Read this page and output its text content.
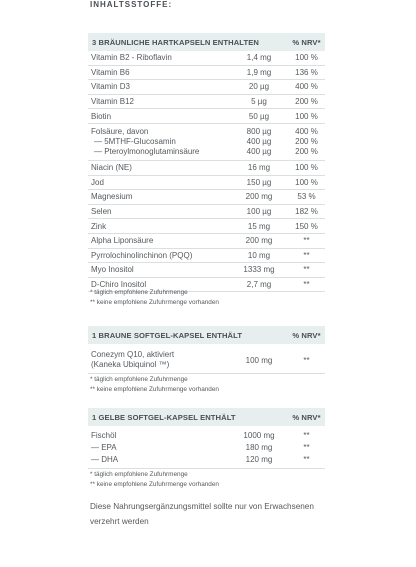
INHALTSSTOFFE:
3 BRÄUNLICHE HARTKAPSELN ENTHALTEN	% NRV*
Vitamin B2 - Riboflavin	1,4 mg	100 %
Vitamin B6	1,9 mg	136 %
Vitamin D3	20 µg	400 %
Vitamin B12	5 µg	200 %
Biotin	50 µg	100 %
Folsäure, davon	800 µg	400 %
— 5MTHF-Glucosamin	400 µg	200 %
— Pteroylmonoglutaminsäure	400 µg	200 %
Niacin (NE)	16 mg	100 %
Jod	150 µg	100 %
Magnesium	200 mg	53 %
Selen	100 µg	182 %
Zink	15 mg	150 %
Alpha Liponsäure	200 mg	**
Pyrrolochinolinchinon (PQQ)	10 mg	**
Myo Inositol	1333 mg	**
D-Chiro Inositol	2,7 mg	**
* täglich empfohlene Zufuhrmenge
** keine empfohlene Zufuhrmenge vorhanden
1 BRAUNE SOFTGEL-KAPSEL ENTHÄLT	% NRV*
Conezym Q10, aktiviert
(Kaneka Ubiquinol ™)	100 mg	**
* täglich empfohlene Zufuhrmenge
** keine empfohlene Zufuhrmenge vorhanden
1 GELBE SOFTGEL-KAPSEL ENTHÄLT	% NRV*
Fischöl	1000 mg	**
— EPA	180 mg	**
— DHA	120 mg	**
* täglich empfohlene Zufuhrmenge
** keine empfohlene Zufuhrmenge vorhanden
Diese Nahrungsergänzungsmittel sollte nur von Erwachsenen verzehrt werden
